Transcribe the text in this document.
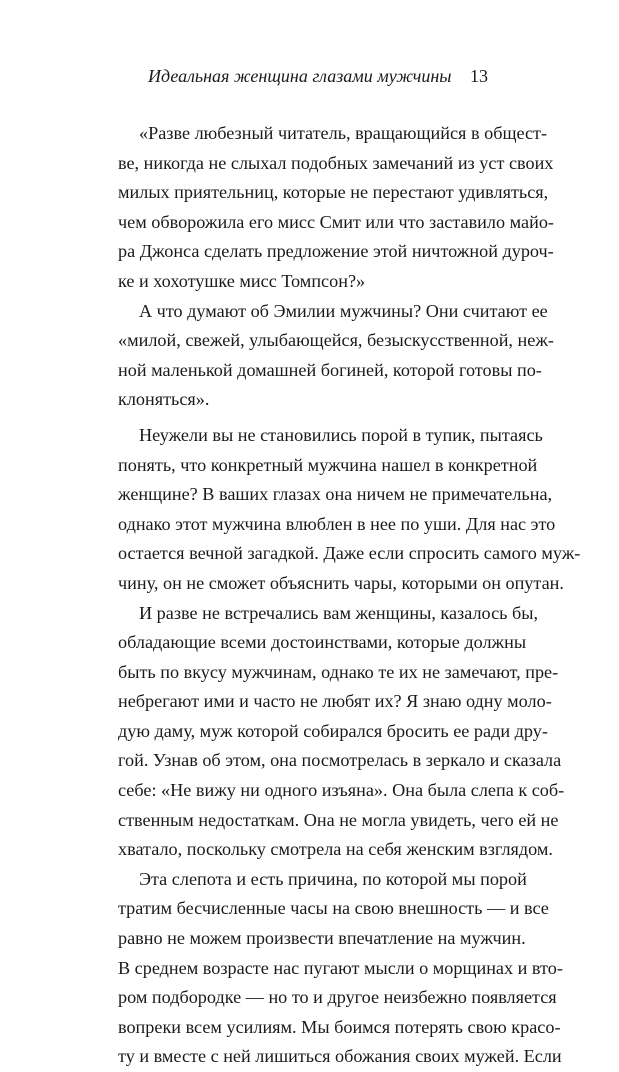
Идеальная женщина глазами мужчины 13
«Разве любезный читатель, вращающийся в общест-
ве, никогда не слыхал подобных замечаний из уст своих
милых приятельниц, которые не перестают удивляться,
чем обворожила его мисс Смит или что заставило майо-
ра Джонса сделать предложение этой ничтожной дуроч-
ке и хохотушке мисс Томпсон?»
А что думают об Эмилии мужчины? Они считают ее
«милой, свежей, улыбающейся, безыскусственной, неж-
ной маленькой домашней богиней, которой готовы по-
клоняться».
Неужели вы не становились порой в тупик, пытаясь
понять, что конкретный мужчина нашел в конкретной
женщине? В ваших глазах она ничем не примечательна,
однако этот мужчина влюблен в нее по уши. Для нас это
остается вечной загадкой. Даже если спросить самого муж-
чину, он не сможет объяснить чары, которыми он опутан.
И разве не встречались вам женщины, казалось бы,
обладающие всеми достоинствами, которые должны
быть по вкусу мужчинам, однако те их не замечают, пре-
небрегают ими и часто не любят их? Я знаю одну моло-
дую даму, муж которой собирался бросить ее ради дру-
гой. Узнав об этом, она посмотрелась в зеркало и сказала
себе: «Не вижу ни одного изъяна». Она была слепа к соб-
ственным недостаткам. Она не могла увидеть, чего ей не
хватало, поскольку смотрела на себя женским взглядом.
Эта слепота и есть причина, по которой мы порой
тратим бесчисленные часы на свою внешность — и все
равно не можем произвести впечатление на мужчин.
В среднем возрасте нас пугают мысли о морщинах и вто-
ром подбородке — но то и другое неизбежно появляется
вопреки всем усилиям. Мы боимся потерять свою красо-
ту и вместе с ней лишиться обожания своих мужей. Если
